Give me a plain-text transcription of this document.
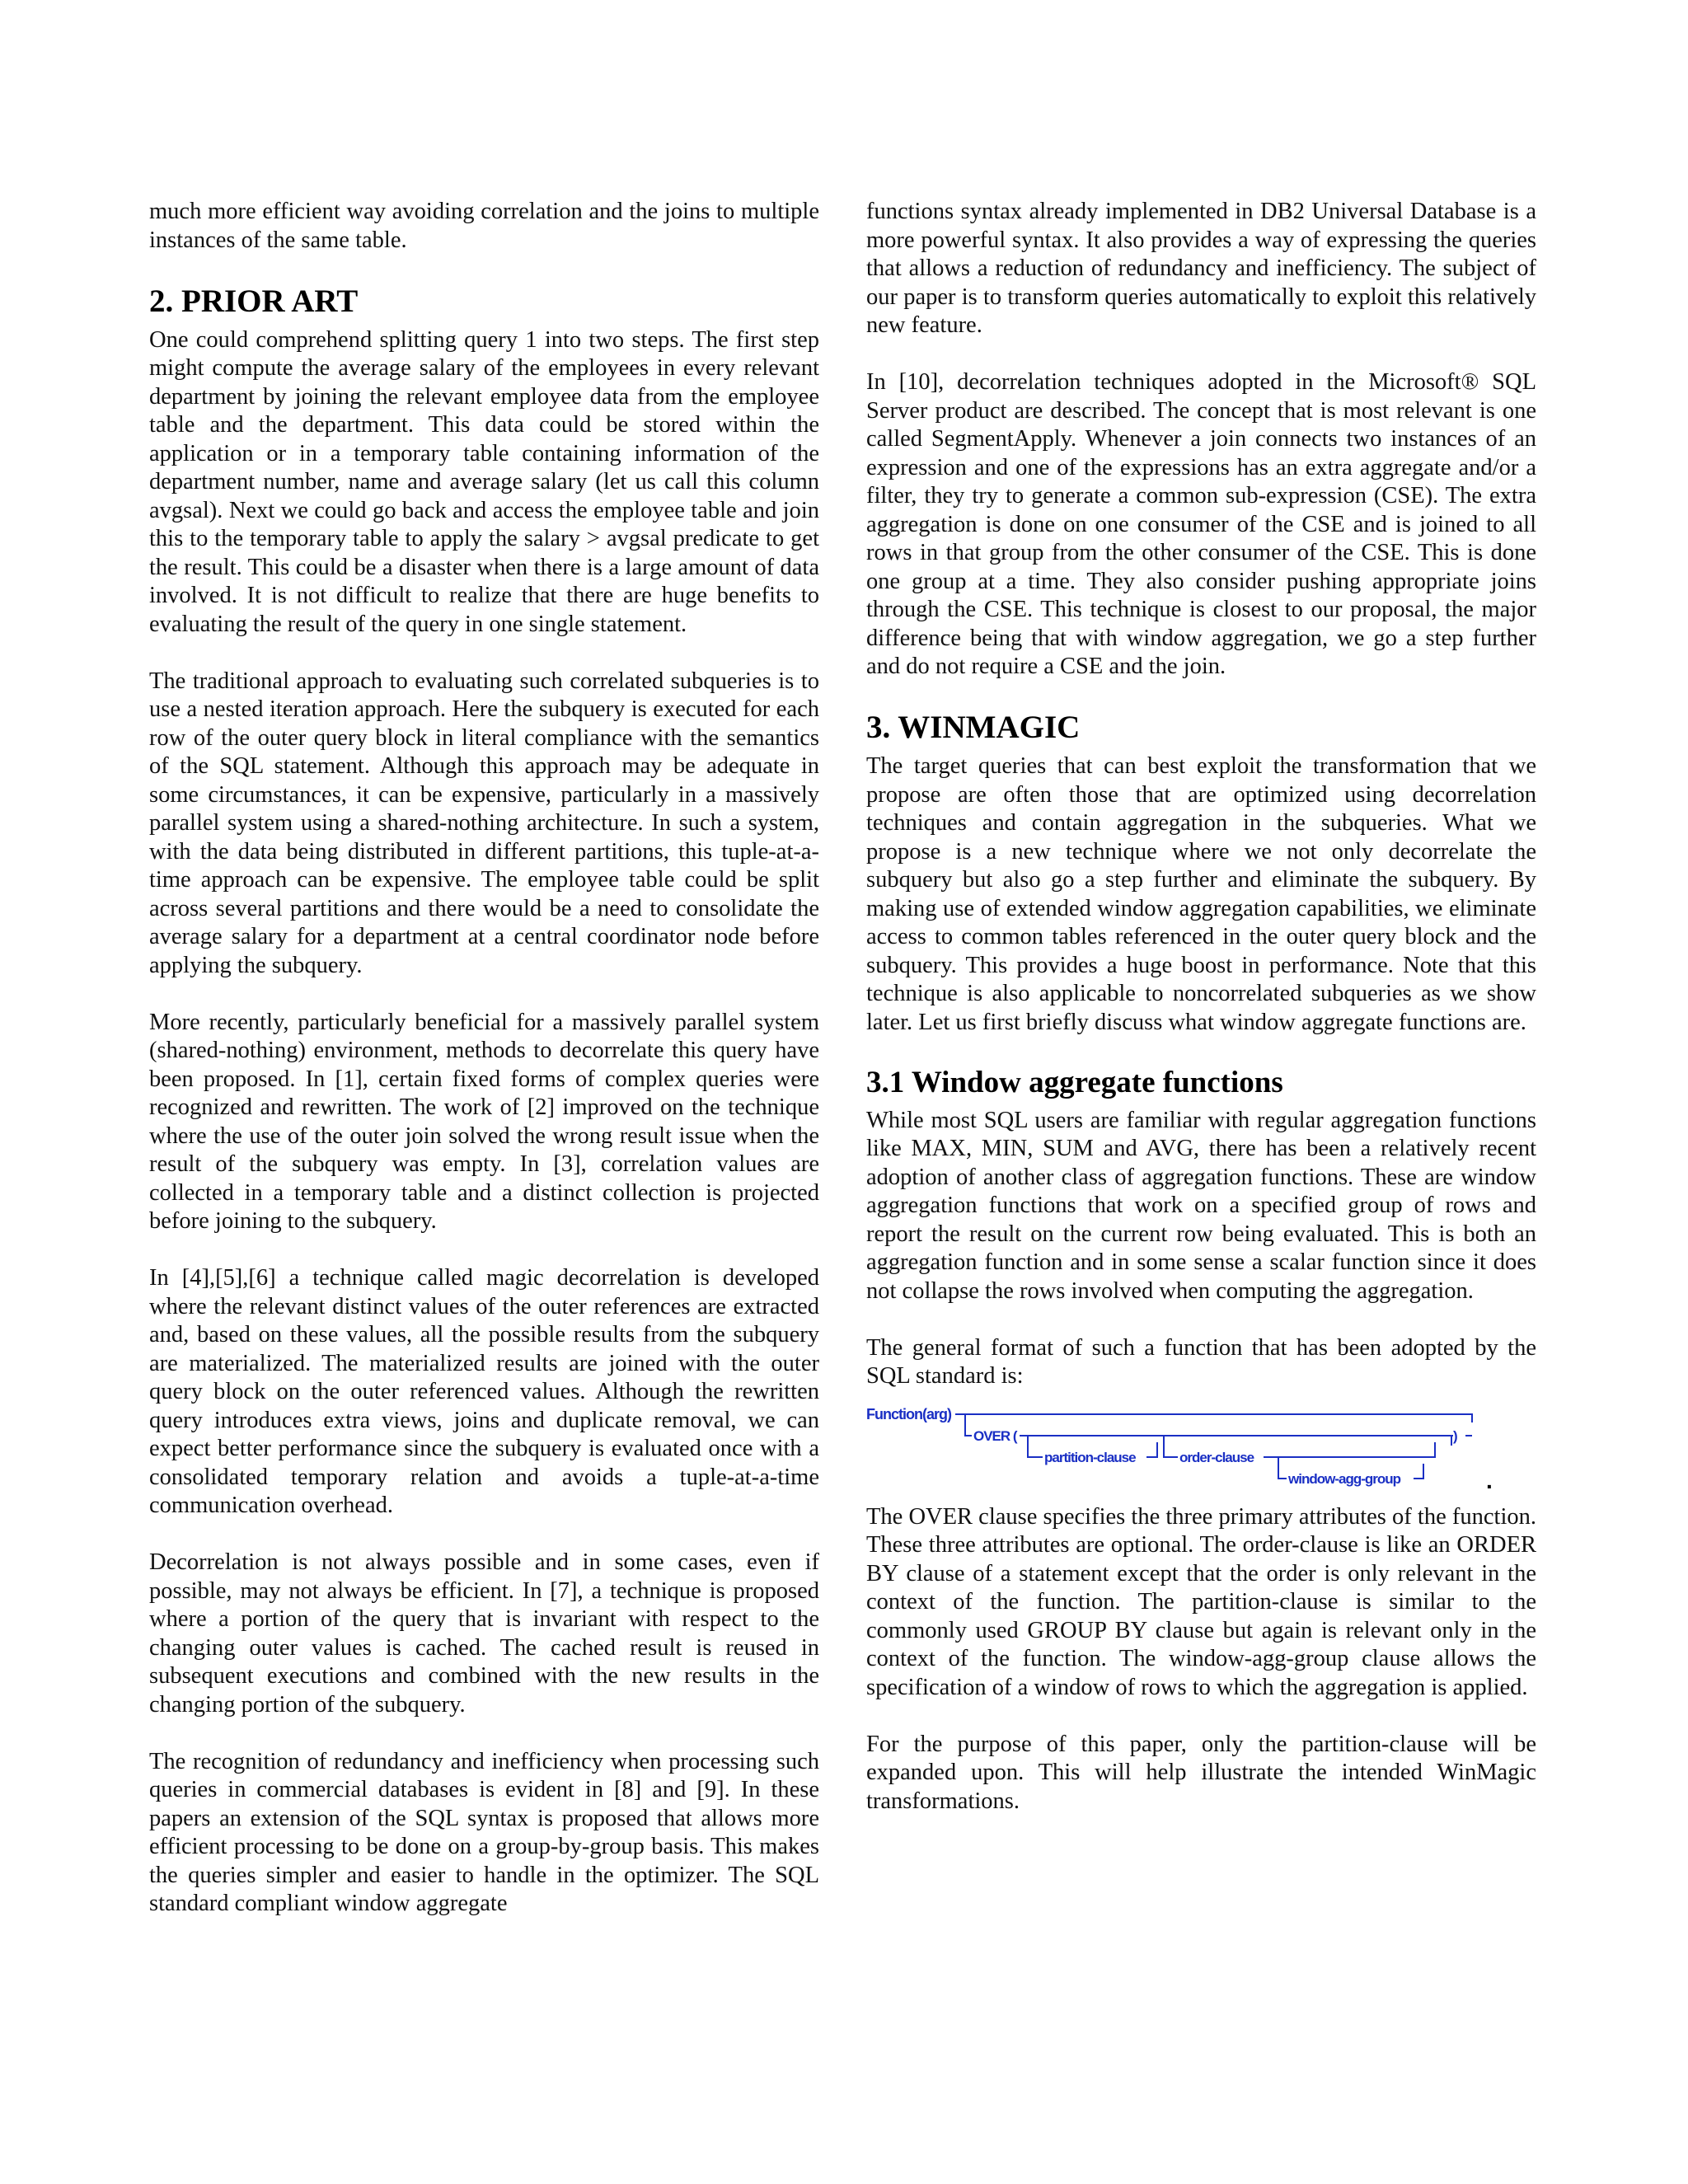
much more efficient way avoiding correlation and the joins to multiple instances of the same table.

2. PRIOR ART

One could comprehend splitting query 1 into two steps. The first step might compute the average salary of the employees in every relevant department by joining the relevant employee data from the employee table and the department. This data could be stored within the application or in a temporary table containing information of the department number, name and average salary (let us call this column avgsal). Next we could go back and access the employee table and join this to the temporary table to apply the salary > avgsal predicate to get the result. This could be a disaster when there is a large amount of data involved. It is not difficult to realize that there are huge benefits to evaluating the result of the query in one single statement.

The traditional approach to evaluating such correlated subqueries is to use a nested iteration approach. Here the subquery is executed for each row of the outer query block in literal compliance with the semantics of the SQL statement. Although this approach may be adequate in some circumstances, it can be expensive, particularly in a massively parallel system using a shared-nothing architecture. In such a system, with the data being distributed in different partitions, this tuple-at-a-time approach can be expensive. The employee table could be split across several partitions and there would be a need to consolidate the average salary for a department at a central coordinator node before applying the subquery.

More recently, particularly beneficial for a massively parallel system (shared-nothing) environment, methods to decorrelate this query have been proposed. In [1], certain fixed forms of complex queries were recognized and rewritten. The work of [2] improved on the technique where the use of the outer join solved the wrong result issue when the result of the subquery was empty. In [3], correlation values are collected in a temporary table and a distinct collection is projected before joining to the subquery.

In [4],[5],[6] a technique called magic decorrelation is developed where the relevant distinct values of the outer references are extracted and, based on these values, all the possible results from the subquery are materialized. The materialized results are joined with the outer query block on the outer referenced values. Although the rewritten query introduces extra views, joins and duplicate removal, we can expect better performance since the subquery is evaluated once with a consolidated temporary relation and avoids a tuple-at-a-time communication overhead.

Decorrelation is not always possible and in some cases, even if possible, may not always be efficient. In [7], a technique is proposed where a portion of the query that is invariant with respect to the changing outer values is cached. The cached result is reused in subsequent executions and combined with the new results in the changing portion of the subquery.

The recognition of redundancy and inefficiency when processing such queries in commercial databases is evident in [8] and [9]. In these papers an extension of the SQL syntax is proposed that allows more efficient processing to be done on a group-by-group basis. This makes the queries simpler and easier to handle in the optimizer. The SQL standard compliant window aggregate

functions syntax already implemented in DB2 Universal Database is a more powerful syntax. It also provides a way of expressing the queries that allows a reduction of redundancy and inefficiency. The subject of our paper is to transform queries automatically to exploit this relatively new feature.

In [10], decorrelation techniques adopted in the Microsoft® SQL Server product are described. The concept that is most relevant is one called SegmentApply. Whenever a join connects two instances of an expression and one of the expressions has an extra aggregate and/or a filter, they try to generate a common sub-expression (CSE). The extra aggregation is done on one consumer of the CSE and is joined to all rows in that group from the other consumer of the CSE. This is done one group at a time. They also consider pushing appropriate joins through the CSE. This technique is closest to our proposal, the major difference being that with window aggregation, we go a step further and do not require a CSE and the join.

3. WINMAGIC

The target queries that can best exploit the transformation that we propose are often those that are optimized using decorrelation techniques and contain aggregation in the subqueries. What we propose is a new technique where we not only decorrelate the subquery but also go a step further and eliminate the subquery. By making use of extended window aggregation capabilities, we eliminate access to common tables referenced in the outer query block and the subquery. This provides a huge boost in performance. Note that this technique is also applicable to noncorrelated subqueries as we show later. Let us first briefly discuss what window aggregate functions are.

3.1 Window aggregate functions

While most SQL users are familiar with regular aggregation functions like MAX, MIN, SUM and AVG, there has been a relatively recent adoption of another class of aggregation functions. These are window aggregation functions that work on a specified group of rows and report the result on the current row being evaluated. This is both an aggregation function and in some sense a scalar function since it does not collapse the rows involved when computing the aggregation.

The general format of such a function that has been adopted by the SQL standard is:

Function(arg)
OVER (	)
partition-clause	order-clause
window-agg-group	.

The OVER clause specifies the three primary attributes of the function. These three attributes are optional. The order-clause is like an ORDER BY clause of a statement except that the order is only relevant in the context of the function. The partition-clause is similar to the commonly used GROUP BY clause but again is relevant only in the context of the function. The window-agg-group clause allows the specification of a window of rows to which the aggregation is applied.

For the purpose of this paper, only the partition-clause will be expanded upon. This will help illustrate the intended WinMagic transformations.
